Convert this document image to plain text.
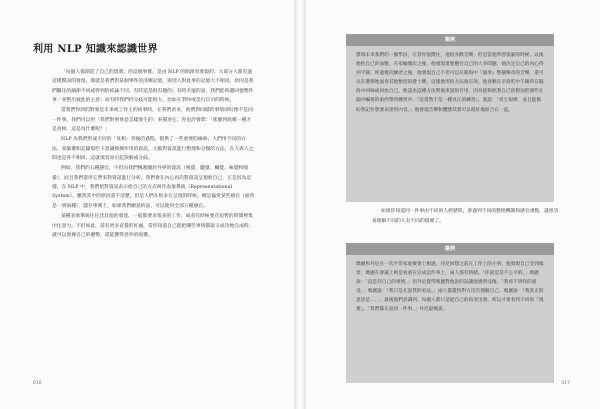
利用 NLP 知識來認識世界

「每個人都創造了自己的現實」的這個事實，是由 NLP 的開創者發現的。大部分人都有過這樣驚訝的發現，那就是我們對某個事件的清晰記憶，與別人對此事的記憶大不相同。原因是我們關注的細節不同或得到的結論不同。有時這是很有趣的；有時幸運的話，我們能夠邊回憶整件事一來整出彼此的主意；而有時我們仍分歧可能很大，比如在爭吵或是打官司的時候。

當我們得到的對象是未來或工作上的同事時，在我們看來，他們對同樣的事情卻好像不是同一件事，我們可以用「我們對事情是怎樣發生的」來描述它。你也許會問：「那麼到底哪一種才是真相，這是為什麼呢？」

NLP 為我們形成不同的「真相」背後的過程，提供了一些重要的線索。人們用不同的方法，來篩選和記錄那些下意識發揮作用的資訊，大腦對資訊進行整理和分類的方法，在人與人之間也是各不相同，這就很容易引起誤解或分歧。

例如，我們的五種感官，不但向我們傳遞關於外界的資訊（視覺、聽覺、觸覺、味覺和嗅覺），而且我們還用它們來對資訊進行分析。我們會在內心再次對資訊呈現給自己，正是因為這樣，在 NLP 中，我們把對資訊表示給自己的方式叫作表象系統（Representational System），雖然其中的原因還不清楚，但是人們在很多在呈現的時候，總是偏愛某些感官（通常是一到兩種）、儲存事實上，如果我們願意的話，可以使用全部五種感官。

某種表象系統往往比其他的發達，一般都要求很多的工作，或者有時候要在短暫的時間裡集中注意力。不但如此，還有更多直覺的好處，當你知道自己能把哪些事情都取又成功地完成時，就可以發揮自己的優勢，還能獲得意外的收獲。

016	017
案例

傑瑞未來我們的一個學員，在當你很嚮往，他很喜歡音樂，但是當他學習很累的時候，以後他抬自己的血壓，在家輸幾次之後，他發現還要應付自己的大多問題，他決定自己的內心得到平靜，經過幾次練習之後，他發現自己不但可以在腦海中『演奏』整個樂章的音樂，還可以在選擇地演奏其他類型的爵士樂，這樣他用的方法很有效。他喜歡在早晨吃中午飯時在腦海中回味或回放自己，他認為這種方法對他來說很有用，因為能夠照著自己的想法把那些在腦中編排的東西帶到練習中，『這當然不是一種真正的練習』，他說：「但它很棒，並且能幫助我記住想要表達的內容。」他發現音樂和體態其實可以很好地結合在一起。

如果你知道同一件事由不同的人經歷時，會遇到不同的整理機制和感官重點，就很容易理解不同的人有不同的現實了。

案例

瑪麗和丹尼在一次平常家庭聚會上相遇，丹尼回想之前在工作上的小事，他發現自己受到傷害，瑪麗在會議上則是看重在完成這件事上，兩人都有情緒。「你說這是不公平的。」瑪麗說：「這是你自己的事情。」但丹尼覺得瑪麗對他說的話讓他感到受傷。「我看不到你的感受。」瑪麗說：「我只是在說我的看法。」兩人都覺得對方沒有理解自己。瑪麗說：「我真正的意思是……」最後他們意識到，每個人都只是從自己的角度出發，所以才會看到不同的『現實』。「我們都在說同一件事。」丹尼最後說。
